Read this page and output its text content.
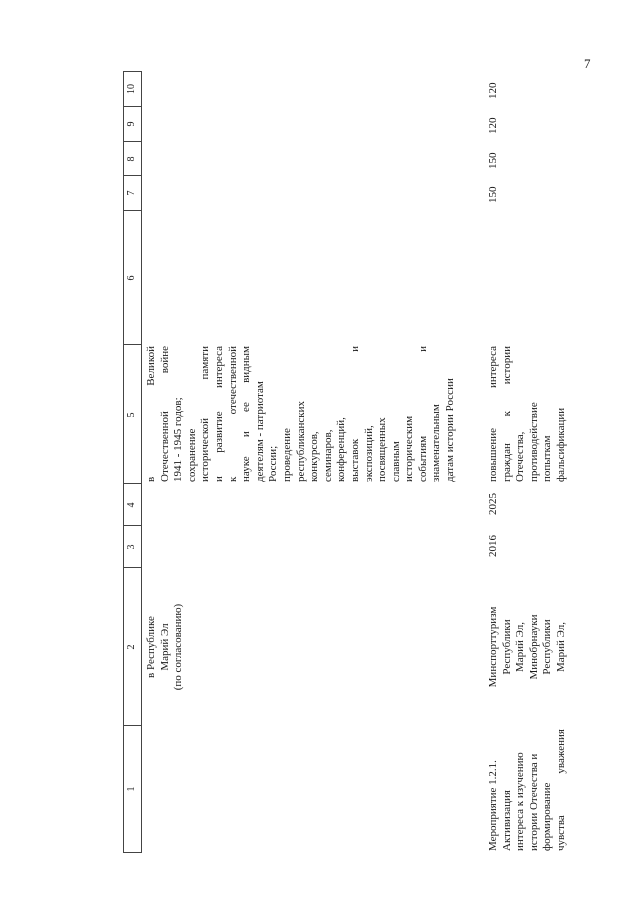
7
1
2
3
4
5
6
7
8
9
10
в Республике Марий Эл (по согласованию)
в
Великой
Отечественной
войне
1941 - 1945 годов; сохранение исторической
памяти
и
развитие
интереса
к
отечественной
науке
и
ее
видным
деятелям - патриотам России; проведение республиканских конкурсов, семинаров, конференций, выставок
и
экспозиций, посвященных славным историческим событиям
и
знаменательным датам истории России
Мероприятие 1.2.1. Активизация интереса к изучению истории Отечества и формирование чувства
уважения
Минспорттуризм Республики Марий Эл, Минобрнауки Республики Марий Эл,
2016
2025
повышение
интереса
граждан
к
истории
Отечества, противодействие попыткам фальсификации
150
150
120
120
